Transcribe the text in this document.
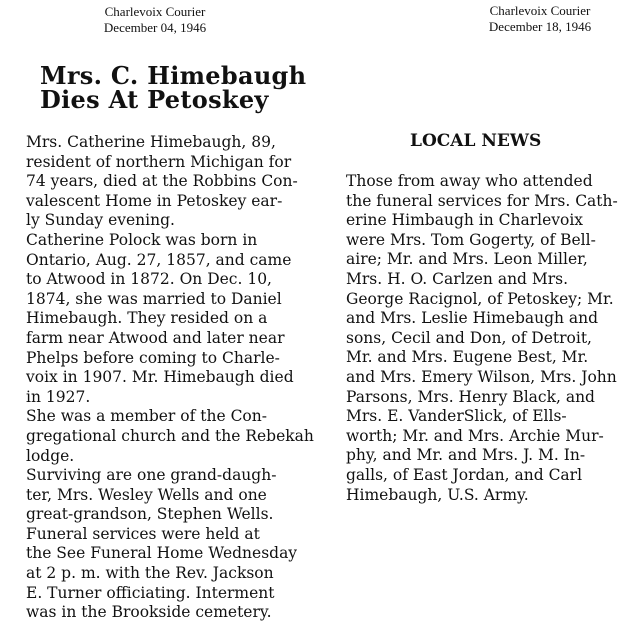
Charlevoix Courier
December 04, 1946
Mrs. C. Himebaugh
Dies At Petoskey

Mrs. Catherine Himebaugh, 89,
resident of northern Michigan for
74 years, died at the Robbins Con-
valescent Home in Petoskey ear-
ly Sunday evening.

Catherine Polock was born in
Ontario, Aug. 27, 1857, and came
to Atwood in 1872. On Dec. 10,
1874, she was married to Daniel
Himebaugh. They resided on a
farm near Atwood and later near
Phelps before coming to Charle-
voix in 1907. Mr. Himebaugh died
in 1927.

She was a member of the Con-
gregational church and the Rebekah
lodge.

Surviving are one grand-daugh-
ter, Mrs. Wesley Wells and one
great-grandson, Stephen Wells.

Funeral services were held at
the See Funeral Home Wednesday
at 2 p. m. with the Rev. Jackson
E. Turner officiating. Interment
was in the Brookside cemetery.

Charlevoix Courier
December 18, 1946
LOCAL NEWS

Those from away who attended
the funeral services for Mrs. Cath-
erine Himbaugh in Charlevoix
were Mrs. Tom Gogerty, of Bell-
aire; Mr. and Mrs. Leon Miller,
Mrs. H. O. Carlzen and Mrs.
George Racignol, of Petoskey; Mr.
and Mrs. Leslie Himebaugh and
sons, Cecil and Don, of Detroit,
Mr. and Mrs. Eugene Best, Mr.
and Mrs. Emery Wilson, Mrs. John
Parsons, Mrs. Henry Black, and
Mrs. E. VanderSlick, of Ells-
worth; Mr. and Mrs. Archie Mur-
phy, and Mr. and Mrs. J. M. In-
galls, of East Jordan, and Carl
Himebaugh, U.S. Army.
